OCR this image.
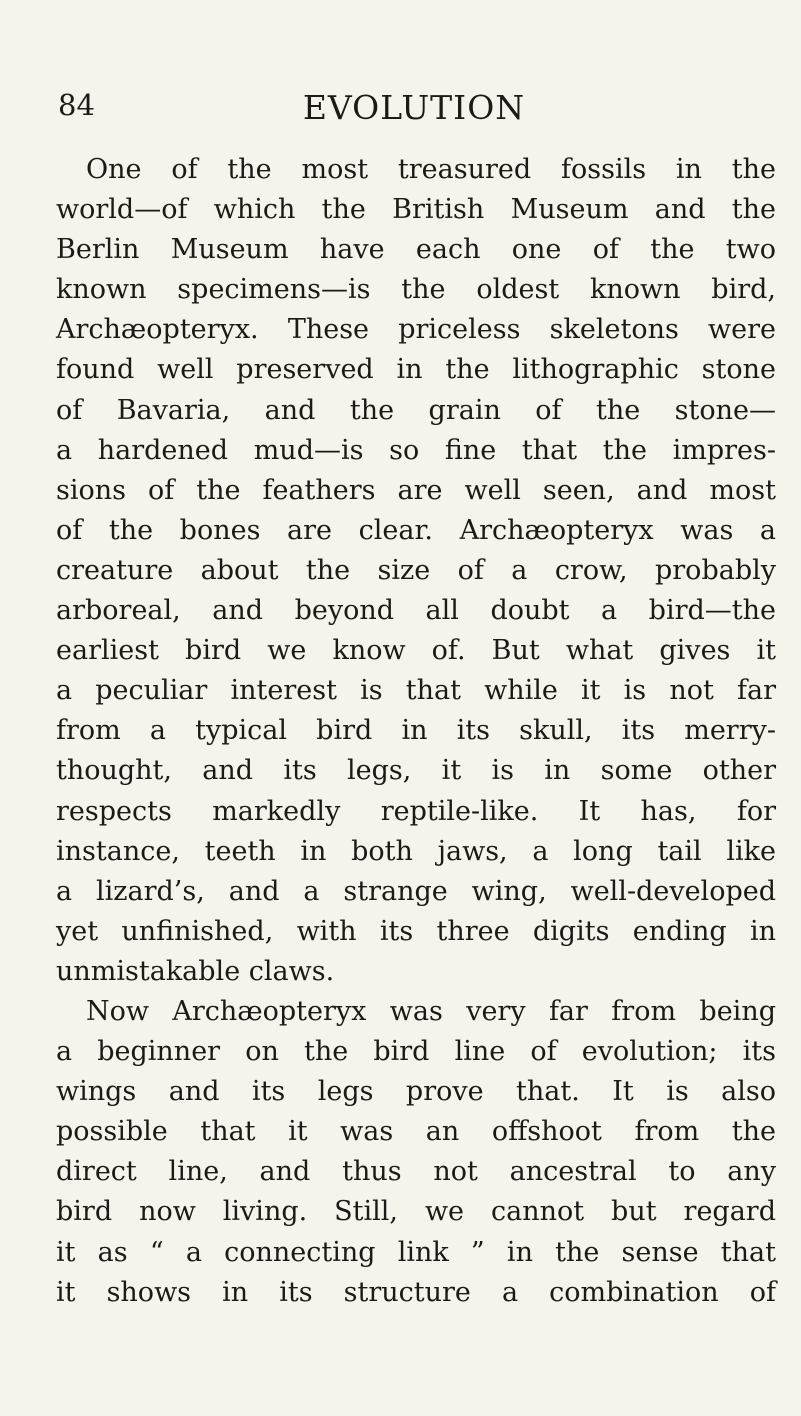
84	EVOLUTION
One of the most treasured fossils in the
world—of which the British Museum and the
Berlin Museum have each one of the two
known specimens—is the oldest known bird,
Archæopteryx. These priceless skeletons were
found well preserved in the lithographic stone
of Bavaria, and the grain of the stone—
a hardened mud—is so fine that the impres-
sions of the feathers are well seen, and most
of the bones are clear. Archæopteryx was a
creature about the size of a crow, probably
arboreal, and beyond all doubt a bird—the
earliest bird we know of. But what gives it
a peculiar interest is that while it is not far
from a typical bird in its skull, its merry-
thought, and its legs, it is in some other
respects markedly reptile-like. It has, for
instance, teeth in both jaws, a long tail like
a lizard’s, and a strange wing, well-developed
yet unfinished, with its three digits ending in
unmistakable claws.
Now Archæopteryx was very far from being
a beginner on the bird line of evolution; its
wings and its legs prove that. It is also
possible that it was an offshoot from the
direct line, and thus not ancestral to any
bird now living. Still, we cannot but regard
it as “ a connecting link ” in the sense that
it shows in its structure a combination of
